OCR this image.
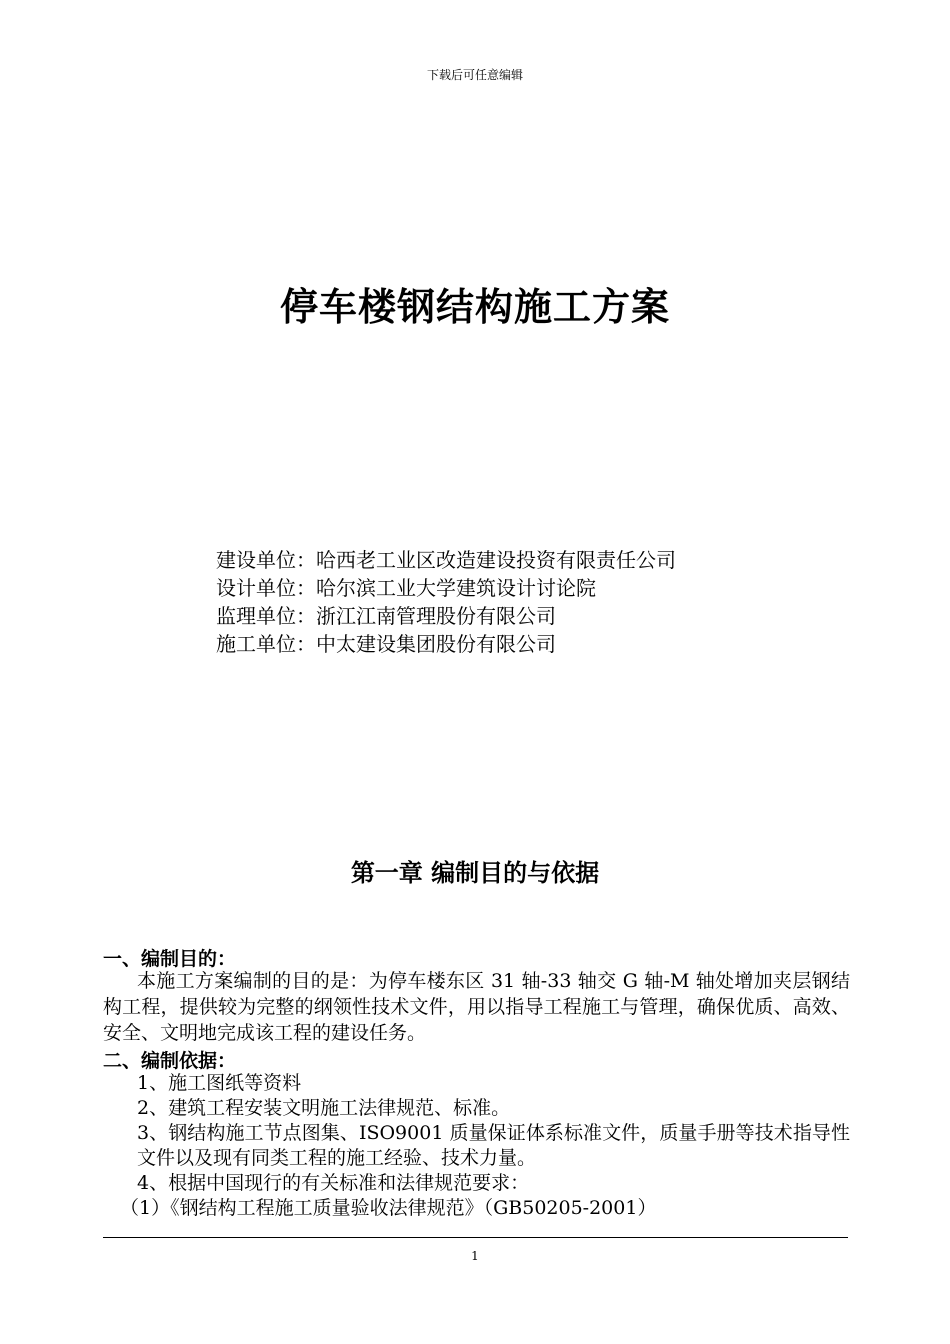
下载后可任意编辑
停车楼钢结构施工方案
建设单位：哈西老工业区改造建设投资有限责任公司
设计单位：哈尔滨工业大学建筑设计讨论院
监理单位：浙江江南管理股份有限公司
施工单位：中太建设集团股份有限公司
第一章 编制目的与依据
一、编制目的：
本施工方案编制的目的是：为停车楼东区 31 轴-33 轴交 G 轴-M 轴处增加夹层钢结构工程，提供较为完整的纲领性技术文件，用以指导工程施工与管理，确保优质、高效、安全、文明地完成该工程的建设任务。
二、编制依据：
1、施工图纸等资料
2、建筑工程安装文明施工法律规范、标准。
3、钢结构施工节点图集、ISO9001 质量保证体系标准文件，质量手册等技术指导性文件以及现有同类工程的施工经验、技术力量。
4、根据中国现行的有关标准和法律规范要求：
（1）《钢结构工程施工质量验收法律规范》（GB50205-2001）
1
